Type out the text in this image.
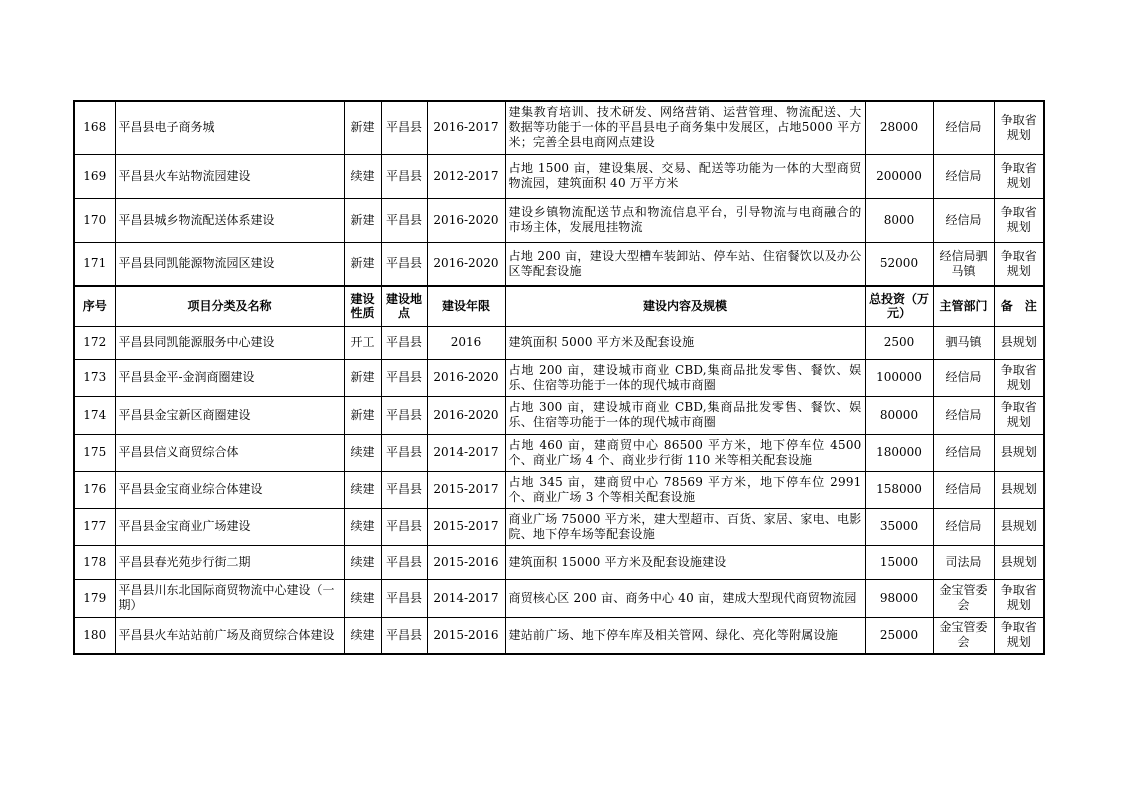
168	平昌县电子商务城	新建	平昌县	2016-2017	建集教育培训、技术研发、网络营销、运营管理、物流配送、大数据等功能于一体的平昌县电子商务集中发展区，占地5000 平方米；完善全县电商网点建设	28000	经信局	争取省规划
169	平昌县火车站物流园建设	续建	平昌县	2012-2017	占地 1500 亩，建设集展、交易、配送等功能为一体的大型商贸物流园，建筑面积 40 万平方米	200000	经信局	争取省规划
170	平昌县城乡物流配送体系建设	新建	平昌县	2016-2020	建设乡镇物流配送节点和物流信息平台，引导物流与电商融合的市场主体，发展甩挂物流	8000	经信局	争取省规划
171	平昌县同凯能源物流园区建设	新建	平昌县	2016-2020	占地 200 亩，建设大型槽车装卸站、停车站、住宿餐饮以及办公区等配套设施	52000	经信局驷马镇	争取省规划
序号	项目分类及名称	建设性质	建设地点	建设年限	建设内容及规模	总投资（万元）	主管部门	备　注
172	平昌县同凯能源服务中心建设	开工	平昌县	2016	建筑面积 5000 平方米及配套设施	2500	驷马镇	县规划
173	平昌县金平-金润商圈建设	新建	平昌县	2016-2020	占地 200 亩，建设城市商业 CBD,集商品批发零售、餐饮、娱乐、住宿等功能于一体的现代城市商圈	100000	经信局	争取省规划
174	平昌县金宝新区商圈建设	新建	平昌县	2016-2020	占地 300 亩，建设城市商业 CBD,集商品批发零售、餐饮、娱乐、住宿等功能于一体的现代城市商圈	80000	经信局	争取省规划
175	平昌县信义商贸综合体	续建	平昌县	2014-2017	占地 460 亩，建商贸中心 86500 平方米，地下停车位 4500 个、商业广场 4 个、商业步行街 110 米等相关配套设施	180000	经信局	县规划
176	平昌县金宝商业综合体建设	续建	平昌县	2015-2017	占地 345 亩，建商贸中心 78569 平方米，地下停车位 2991 个、商业广场 3 个等相关配套设施	158000	经信局	县规划
177	平昌县金宝商业广场建设	续建	平昌县	2015-2017	商业广场 75000 平方米，建大型超市、百货、家居、家电、电影院、地下停车场等配套设施	35000	经信局	县规划
178	平昌县春光苑步行街二期	续建	平昌县	2015-2016	建筑面积 15000 平方米及配套设施建设	15000	司法局	县规划
179	平昌县川东北国际商贸物流中心建设（一期）	续建	平昌县	2014-2017	商贸核心区 200 亩、商务中心 40 亩，建成大型现代商贸物流园	98000	金宝管委会	争取省规划
180	平昌县火车站站前广场及商贸综合体建设	续建	平昌县	2015-2016	建站前广场、地下停车库及相关管网、绿化、亮化等附属设施	25000	金宝管委会	争取省规划
